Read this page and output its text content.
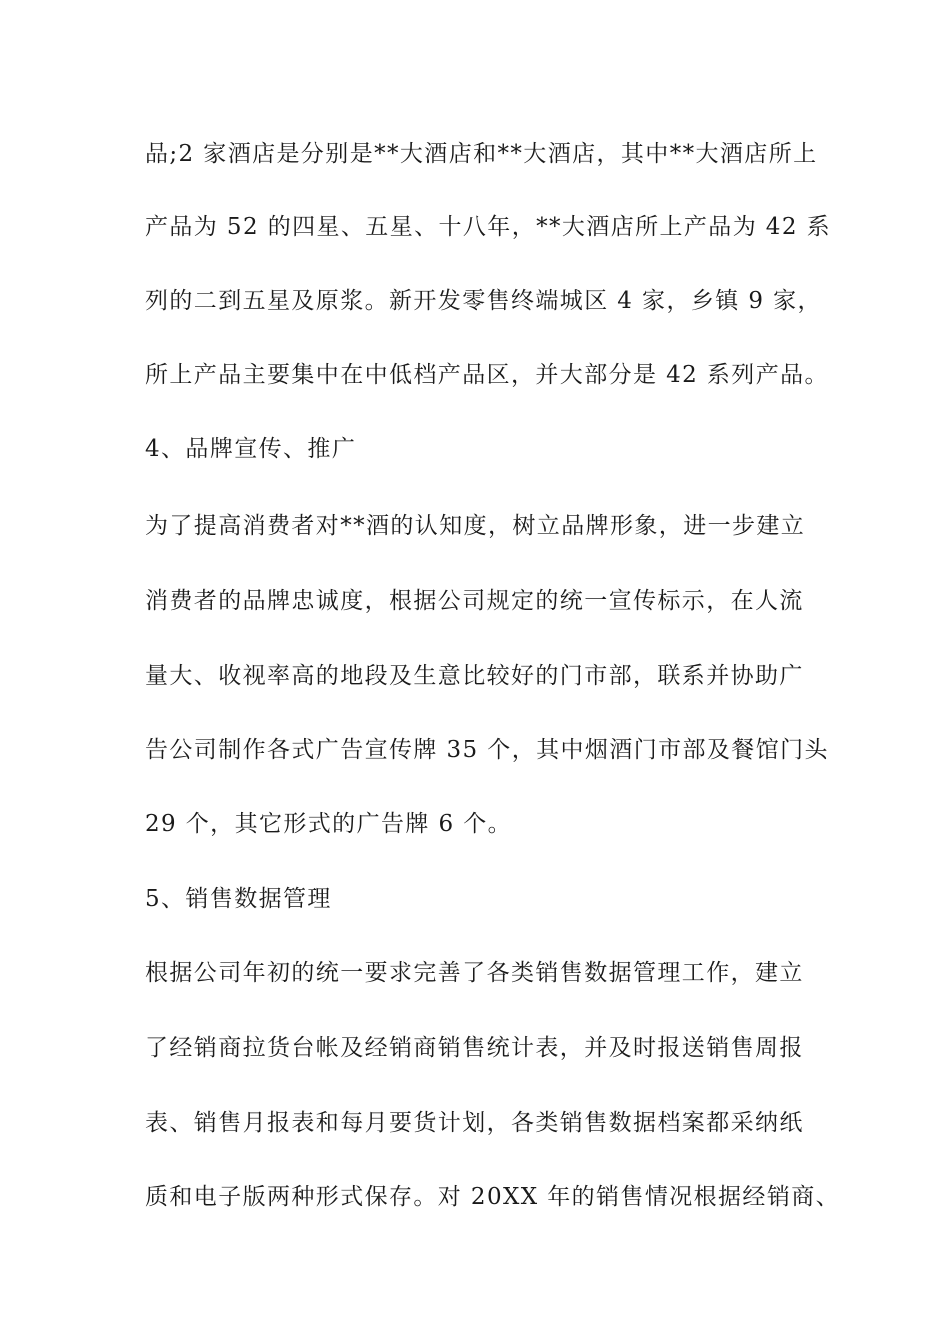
品;2 家酒店是分别是**大酒店和**大酒店，其中**大酒店所上
产品为 52 的四星、五星、十八年，**大酒店所上产品为 42 系
列的二到五星及原浆。新开发零售终端城区 4 家，乡镇 9 家，
所上产品主要集中在中低档产品区，并大部分是 42 系列产品。
4、品牌宣传、推广
为了提高消费者对**酒的认知度，树立品牌形象，进一步建立
消费者的品牌忠诚度，根据公司规定的统一宣传标示，在人流
量大、收视率高的地段及生意比较好的门市部，联系并协助广
告公司制作各式广告宣传牌 35 个，其中烟酒门市部及餐馆门头
29 个，其它形式的广告牌 6 个。
5、销售数据管理
根据公司年初的统一要求完善了各类销售数据管理工作，建立
了经销商拉货台帐及经销商销售统计表，并及时报送销售周报
表、销售月报表和每月要货计划，各类销售数据档案都采纳纸
质和电子版两种形式保存。对 20XX 年的销售情况根据经销商、
